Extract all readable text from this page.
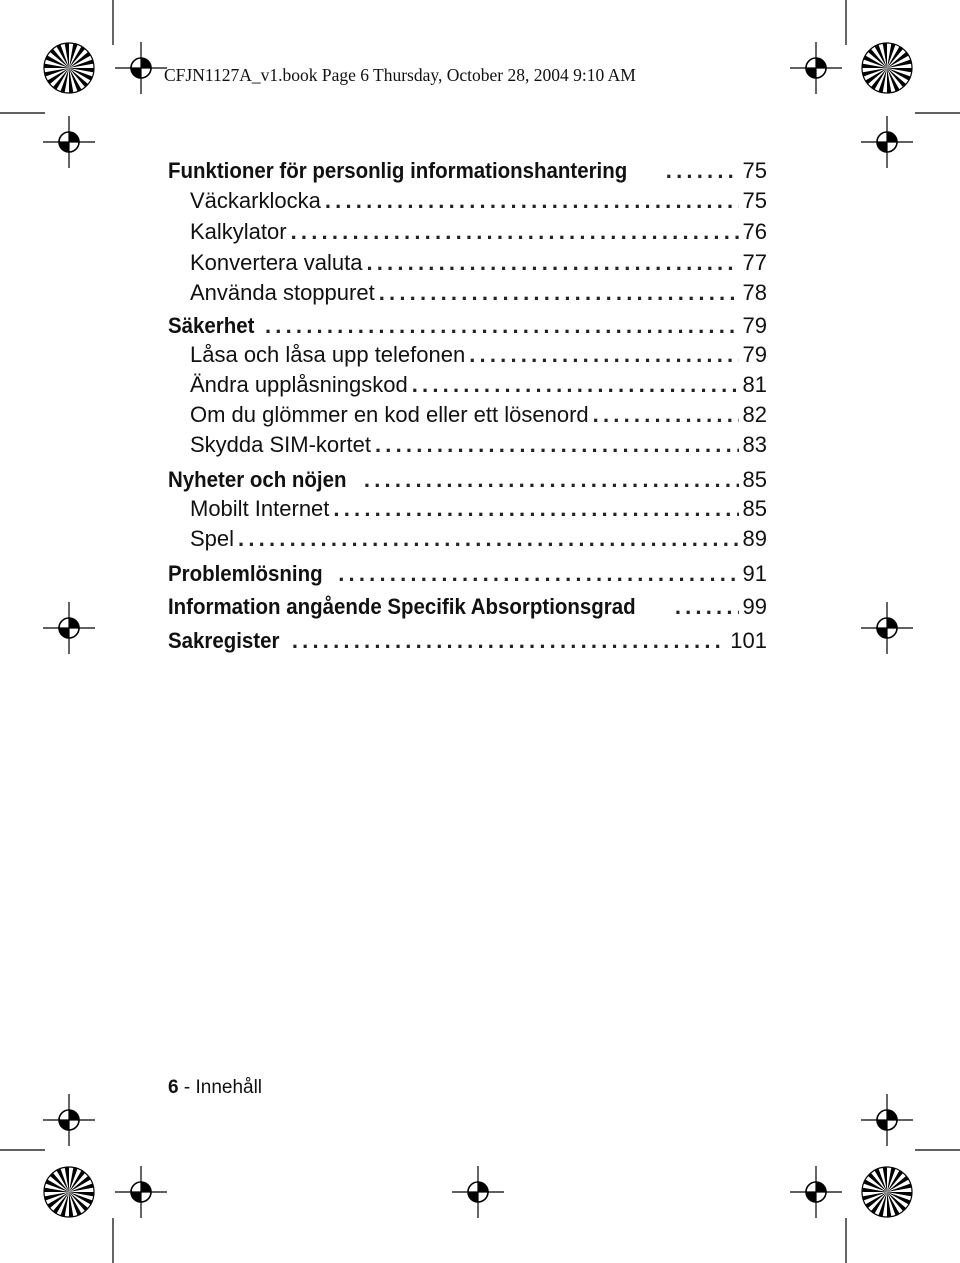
CFJN1127A_v1.book Page 6 Thursday, October 28, 2004 9:10 AM
Funktioner för personlig informationshantering .....	75
Väckarklocka .....	75
Kalkylator .....	76
Konvertera valuta .....	77
Använda stoppuret .....	78
Säkerhet .....	79
Låsa och låsa upp telefonen .....	79
Ändra upplåsningskod .....	81
Om du glömmer en kod eller ett lösenord .....	82
Skydda SIM-kortet .....	83
Nyheter och nöjen .....	85
Mobilt Internet .....	85
Spel .....	89
Problemlösning .....	91
Information angående Specifik Absorptionsgrad .....	99
Sakregister .....	101
6 - Innehåll
